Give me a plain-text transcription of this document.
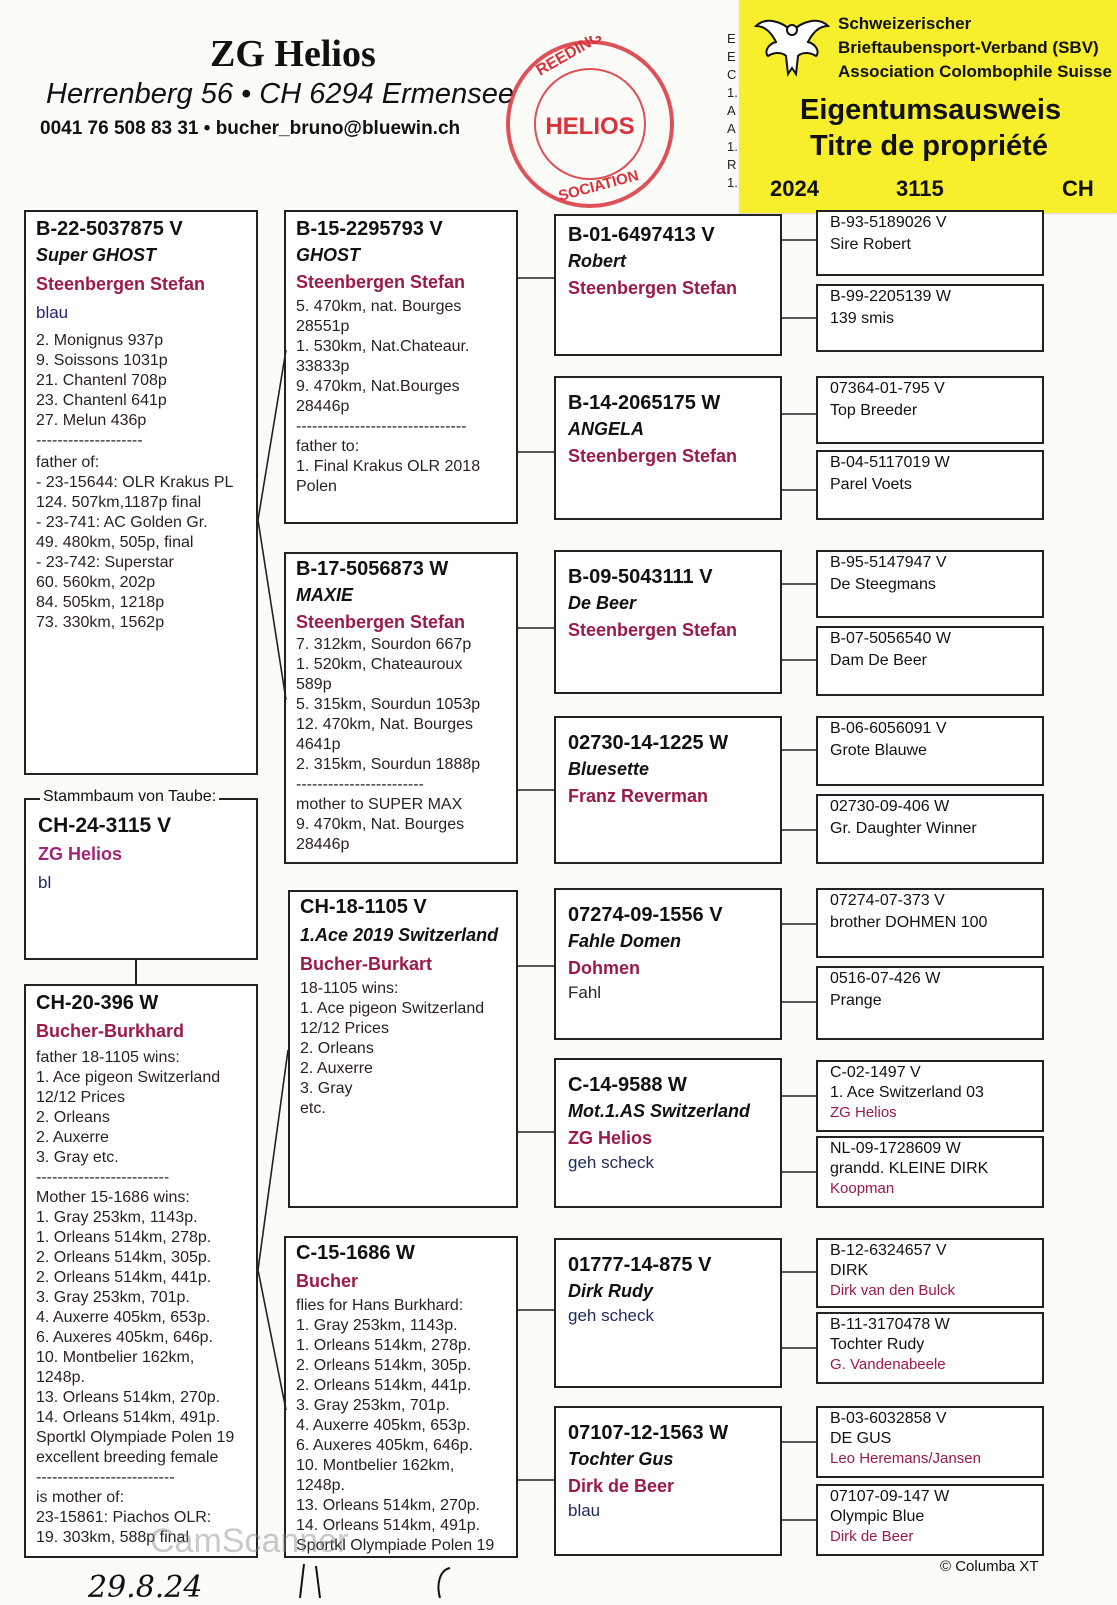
ZG Helios
Herrenberg 56 • CH 6294 Ermensee
0041 76 508 83 31 • bucher_bruno@bluewin.ch	HELIOS
REEDING
SOCIATION
E
E
C
1.
A
A
1.
R
1.
Schweizerischer
Brieftaubensport-Verband (SBV)
Association Colombophile Suisse
Eigentumsausweis
Titre de propriété
2024	3115	CH
B-22-5037875 V
Super GHOST
Steenbergen Stefan
blau
2. Monignus 937p
9. Soissons 1031p
21. Chantenl 708p
23. Chantenl 641p
27. Melun 436p
--------------------
father of:
- 23-15644: OLR Krakus PL
124. 507km,1187p final
- 23-741: AC Golden Gr.
49. 480km, 505p, final
- 23-742: Superstar
60. 560km, 202p
84. 505km, 1218p
73. 330km, 1562p
Stammbaum von Taube:
CH-24-3115 V
ZG Helios
bl
CH-20-396 W
Bucher-Burkhard
father 18-1105 wins:
1. Ace pigeon Switzerland
12/12 Prices
2. Orleans
2. Auxerre
3. Gray etc.
-------------------------
Mother 15-1686 wins:
1. Gray 253km, 1143p.
1. Orleans 514km, 278p.
2. Orleans 514km, 305p.
2. Orleans 514km, 441p.
3. Gray 253km, 701p.
4. Auxerre 405km, 653p.
6. Auxeres 405km, 646p.
10. Montbelier 162km,
1248p.
13. Orleans 514km, 270p.
14. Orleans 514km, 491p.
Sportkl Olympiade Polen 19
excellent breeding female
--------------------------
is mother of:
23-15861: Piachos OLR:
19. 303km, 588p final
B-15-2295793 V
GHOST
Steenbergen Stefan
5. 470km, nat. Bourges
28551p
1. 530km, Nat.Chateaur.
33833p
9. 470km, Nat.Bourges
28446p
--------------------------------
father to:
1. Final Krakus OLR 2018
Polen
B-17-5056873 W
MAXIE
Steenbergen Stefan
7. 312km, Sourdon 667p
1. 520km, Chateauroux
589p
5. 315km, Sourdun 1053p
12. 470km, Nat. Bourges
4641p
2. 315km, Sourdun 1888p
------------------------
mother to SUPER MAX
9. 470km, Nat. Bourges
28446p
CH-18-1105 V
1.Ace 2019 Switzerland
Bucher-Burkart
18-1105 wins:
1. Ace pigeon Switzerland
12/12 Prices
2. Orleans
2. Auxerre
3. Gray
etc.
C-15-1686 W
Bucher
flies for Hans Burkhard:
1. Gray 253km, 1143p.
1. Orleans 514km, 278p.
2. Orleans 514km, 305p.
2. Orleans 514km, 441p.
3. Gray 253km, 701p.
4. Auxerre 405km, 653p.
6. Auxeres 405km, 646p.
10. Montbelier 162km,
1248p.
13. Orleans 514km, 270p.
14. Orleans 514km, 491p.
Sportkl Olympiade Polen 19
B-01-6497413 V
Robert
Steenbergen Stefan
B-14-2065175 W
ANGELA
Steenbergen Stefan
B-09-5043111 V
De Beer
Steenbergen Stefan
02730-14-1225 W
Bluesette
Franz Reverman
07274-09-1556 V
Fahle Domen
Dohmen
Fahl
C-14-9588 W
Mot.1.AS Switzerland
ZG Helios
geh scheck
01777-14-875 V
Dirk Rudy
geh scheck
07107-12-1563 W
Tochter Gus
Dirk de Beer
blau
B-93-5189026 V
Sire Robert
B-99-2205139 W
139 smis
07364-01-795 V
Top Breeder
B-04-5117019 W
Parel Voets
B-95-5147947 V
De Steegmans
B-07-5056540 W
Dam De Beer
B-06-6056091 V
Grote Blauwe
02730-09-406 W
Gr. Daughter Winner
07274-07-373 V
brother DOHMEN 100
0516-07-426 W
Prange
C-02-1497 V
1. Ace Switzerland 03
ZG Helios
NL-09-1728609 W
grandd. KLEINE DIRK
Koopman
B-12-6324657 V
DIRK
Dirk van den Bulck
B-11-3170478 W
Tochter Rudy
G. Vandenabeele
B-03-6032858 V
DE GUS
Leo Heremans/Jansen
07107-09-147 W
Olympic Blue
Dirk de Beer
© Columba XT
29.8.24
CamScanner
